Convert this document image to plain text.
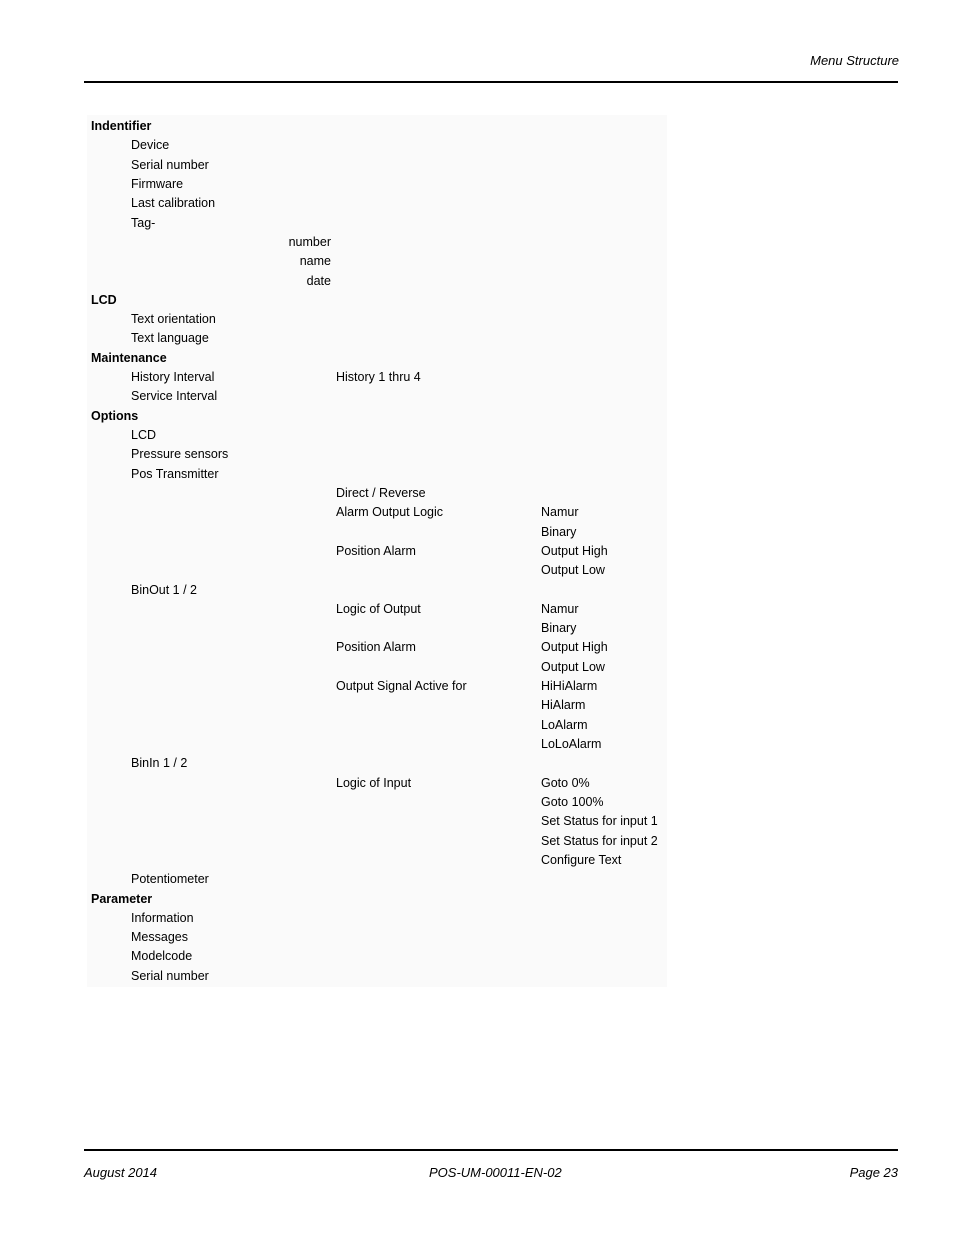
Menu Structure
Indentifier
Device
Serial number
Firmware
Last calibration
Tag-
number
name
date
LCD
Text orientation
Text language
Maintenance
History Interval	History 1 thru 4
Service Interval
Options
LCD
Pressure sensors
Pos Transmitter
Direct / Reverse
Alarm Output Logic	Namur
Binary
Position Alarm	Output High
Output Low
BinOut 1 / 2
Logic of Output	Namur
Binary
Position Alarm	Output High
Output Low
Output Signal Active for	HiHiAlarm
HiAlarm
LoAlarm
LoLoAlarm
BinIn 1 / 2
Logic of Input	Goto 0%
Goto 100%
Set Status for input 1
Set Status for input 2
Configure Text
Potentiometer
Parameter
Information
Messages
Modelcode
Serial number
August 2014	POS-UM-00011-EN-02	Page 23
